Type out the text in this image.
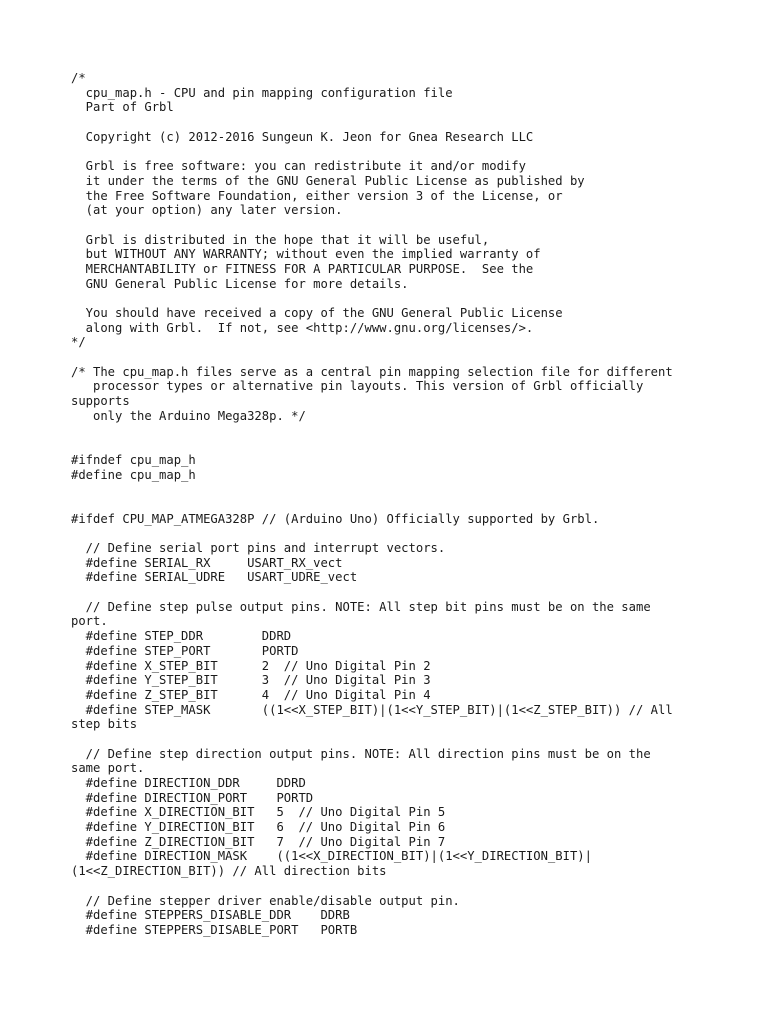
/*
cpu_map.h - CPU and pin mapping configuration file
Part of Grbl
Copyright (c) 2012-2016 Sungeun K. Jeon for Gnea Research LLC
Grbl is free software: you can redistribute it and/or modify
it under the terms of the GNU General Public License as published by
the Free Software Foundation, either version 3 of the License, or
(at your option) any later version.
Grbl is distributed in the hope that it will be useful,
but WITHOUT ANY WARRANTY; without even the implied warranty of
MERCHANTABILITY or FITNESS FOR A PARTICULAR PURPOSE.  See the
GNU General Public License for more details.
You should have received a copy of the GNU General Public License
along with Grbl.  If not, see <http://www.gnu.org/licenses/>.
*/
/* The cpu_map.h files serve as a central pin mapping selection file for different
processor types or alternative pin layouts. This version of Grbl officially
supports
only the Arduino Mega328p. */
#ifndef cpu_map_h
#define cpu_map_h
#ifdef CPU_MAP_ATMEGA328P // (Arduino Uno) Officially supported by Grbl.
// Define serial port pins and interrupt vectors.
#define SERIAL_RX     USART_RX_vect
#define SERIAL_UDRE   USART_UDRE_vect
// Define step pulse output pins. NOTE: All step bit pins must be on the same
port.
#define STEP_DDR        DDRD
#define STEP_PORT       PORTD
#define X_STEP_BIT      2  // Uno Digital Pin 2
#define Y_STEP_BIT      3  // Uno Digital Pin 3
#define Z_STEP_BIT      4  // Uno Digital Pin 4
#define STEP_MASK       ((1<<X_STEP_BIT)|(1<<Y_STEP_BIT)|(1<<Z_STEP_BIT)) // All
step bits
// Define step direction output pins. NOTE: All direction pins must be on the
same port.
#define DIRECTION_DDR     DDRD
#define DIRECTION_PORT    PORTD
#define X_DIRECTION_BIT   5  // Uno Digital Pin 5
#define Y_DIRECTION_BIT   6  // Uno Digital Pin 6
#define Z_DIRECTION_BIT   7  // Uno Digital Pin 7
#define DIRECTION_MASK    ((1<<X_DIRECTION_BIT)|(1<<Y_DIRECTION_BIT)|
(1<<Z_DIRECTION_BIT)) // All direction bits
// Define stepper driver enable/disable output pin.
#define STEPPERS_DISABLE_DDR    DDRB
#define STEPPERS_DISABLE_PORT   PORTB
